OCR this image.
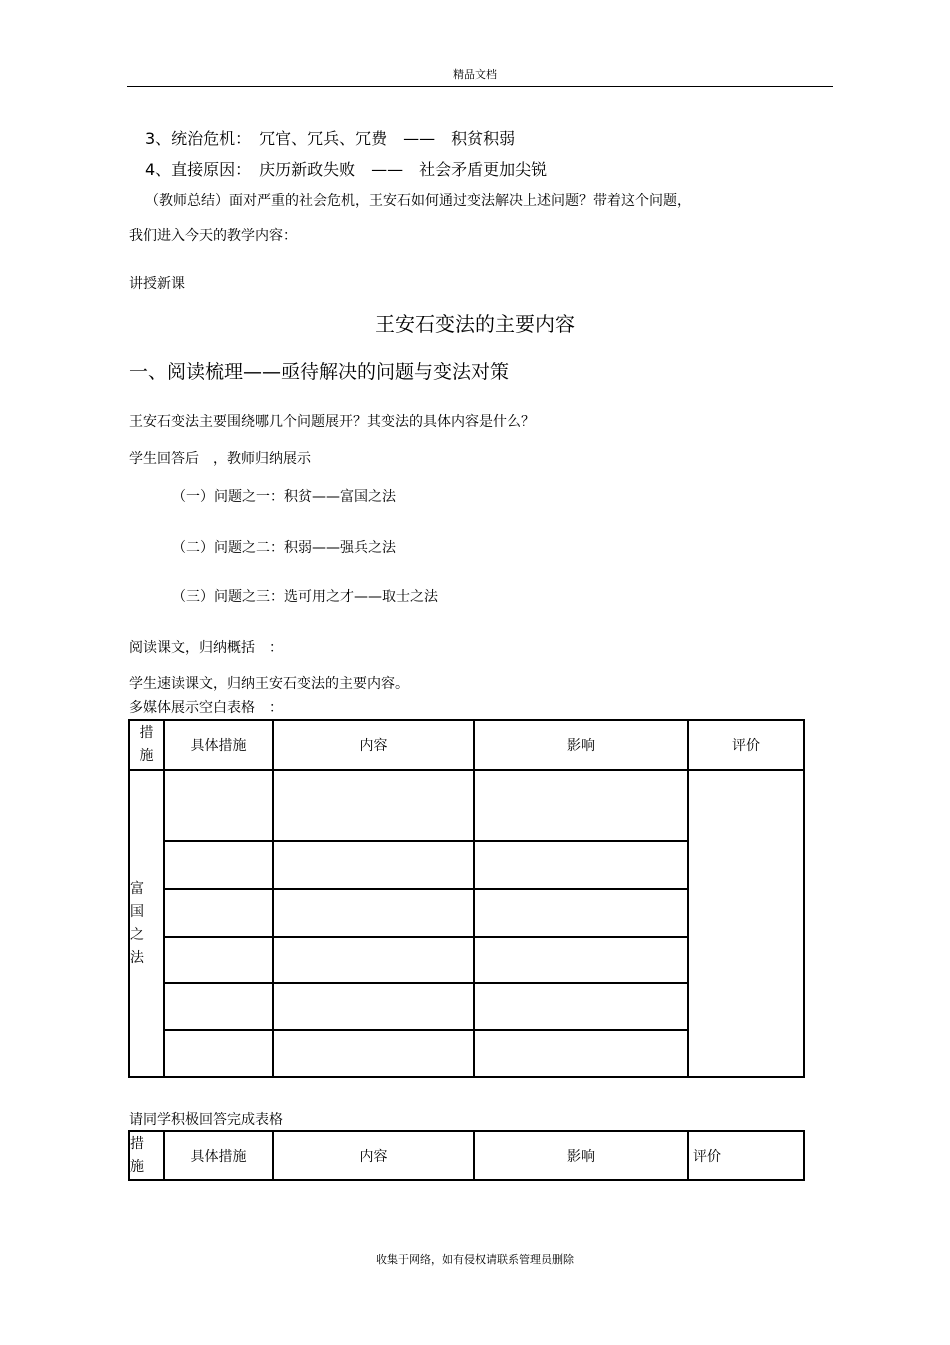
精品文档
3、统治危机：　冗官、冗兵、冗费　——　积贫积弱
4、直接原因：　庆历新政失败　——　社会矛盾更加尖锐
（教师总结）面对严重的社会危机，王安石如何通过变法解决上述问题？带着这个问题，
我们进入今天的教学内容：
讲授新课
王安石变法的主要内容
一、阅读梳理——亟待解决的问题与变法对策
王安石变法主要围绕哪几个问题展开？其变法的具体内容是什么？
学生回答后　，教师归纳展示
（一）问题之一：积贫——富国之法
（二）问题之二：积弱——强兵之法
（三）问题之三：选可用之才——取士之法
阅读课文，归纳概括　：
学生速读课文，归纳王安石变法的主要内容。
多媒体展示空白表格　：
措
施	具体措施	内容	影响	评价
富
国
之
法				

请同学积极回答完成表格
措
施	具体措施	内容	影响	评价
收集于网络，如有侵权请联系管理员删除
